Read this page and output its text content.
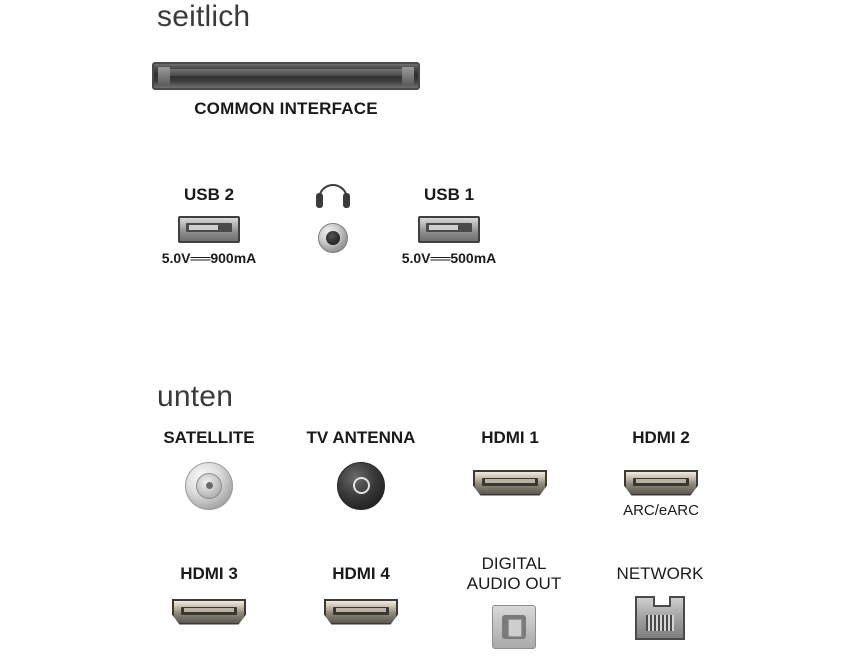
seitlich
COMMON INTERFACE
USB 2
5.0V══900mA
USB 1
5.0V══500mA
unten
SATELLITE	TV ANTENNA	HDMI 1	HDMI 2
ARC/eARC
HDMI 3	HDMI 4
DIGITAL
AUDIO OUT
NETWORK
